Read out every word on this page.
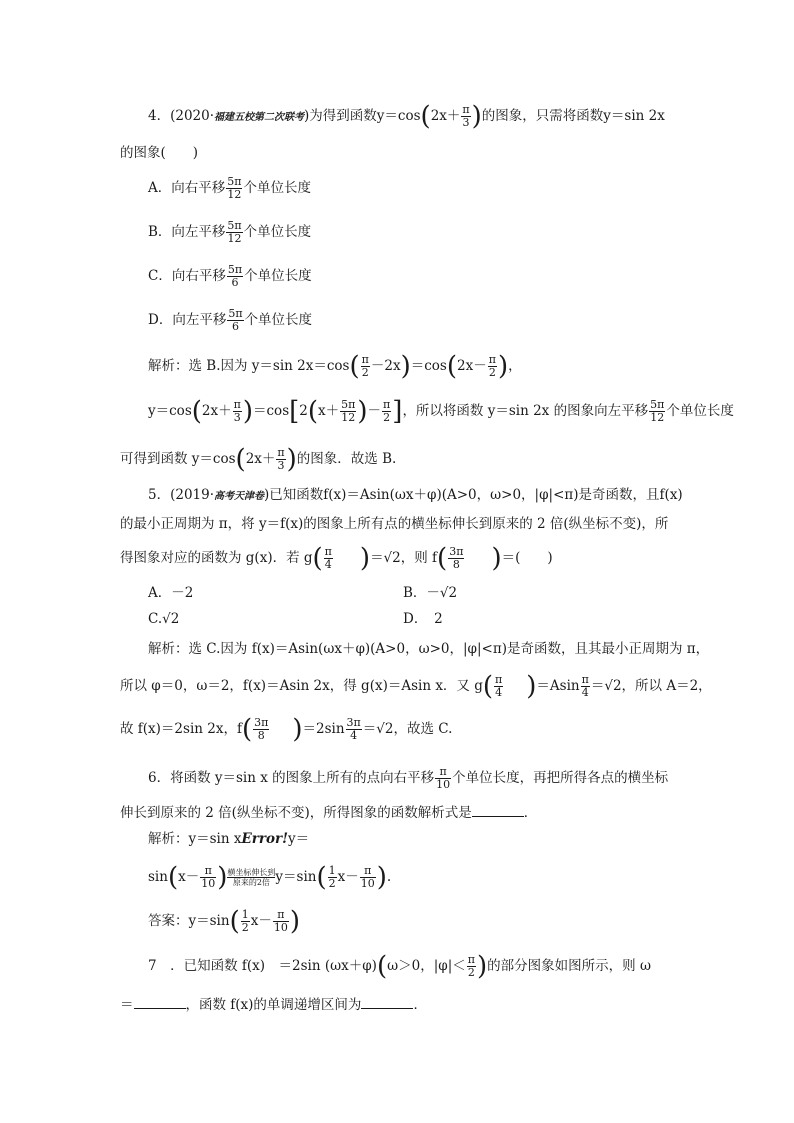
4．(2020·福建五校第二次联考)为得到函数$y=\cos(2x+ \frac{\pi}{3}$ )的图象，只需将函数y＝sin 2x
的图象(　　)
A．向右平移 $\frac{5\pi}{12}$ 个单位长度
B．向左平移 $\frac{5\pi}{12}$ 个单位长度
C．向右平移 $\frac{5\pi}{6}$ 个单位长度
D．向左平移 $\frac{5\pi}{6}$ 个单位长度
解析：选 B.因为 y＝sin $2x=\cos( \frac{\pi}{2} -2x)=\cos(2x- \frac{\pi}{2}$ )，
$y=\cos(2x+ \frac{\pi}{3} )=\cos[2(x+ \frac{5\pi}{12}$ )－ $\frac{\pi}{2}$ ]，所以将函数 y＝sin 2x 的图象向左平移 $\frac{5\pi}{12}$ 个单位长度
可得到函数 $y=\cos(2x+ \frac{\pi}{3}$ )的图象．故选 B.
5．(2019·高考天津卷)已知函数f(x)＝Asin(ωx＋φ)(A>0，ω>0，|φ|<π)是奇函数，且f(x)
的最小正周期为 π，将 y＝f(x)的图象上所有点的横坐标伸长到原来的 2 倍(纵坐标不变)，所
得图象对应的函数为 g(x)．若 $g( \frac{\pi}{4} )=√2$，则 $f( \frac{3\pi}{8}$ )＝(　　)
A．－2	B．－√2
C.√2	D．　2
解析：选 C.因为 f(x)＝Asin(ωx＋φ)(A>0，ω>0，|φ|<π)是奇函数，且其最小正周期为 π，
所以 φ＝0，ω＝2，f(x)＝Asin 2x，得 g(x)＝Asin x．又 $g( \frac{\pi}{4} )=Asin \frac{\pi}{4} =√2$，所以 A＝2，
故 f(x)＝2sin 2x，$f( \frac{3\pi}{8} )=2\sin \frac{3\pi}{4} =√2$，故选 C.
6．将函数 y＝sin x 的图象上所有的点向右平移 $\frac{\pi}{10}$ 个单位长度，再把所得各点的横坐标
伸长到原来的 2 倍(纵坐标不变)，所得图象的函数解析式是	．
解析：y＝sin xError!y＝
$\sin(x- \frac{\pi}{10}$ ) 横坐标伸长到
原来的2倍 $y=\sin( \frac{1}{2} x- \frac{\pi}{10}$ ).
答案：$y=\sin( \frac{1}{2} x- \frac{\pi}{10}$ )
7　．已知函数 f(x)　＝2sin (ωx＋φ)(ω＞0，$|\varphi|< \frac{\pi}{2}$ )的部分图象如图所示，则 ω
＝	，函数 f(x)的单调递增区间为	．
